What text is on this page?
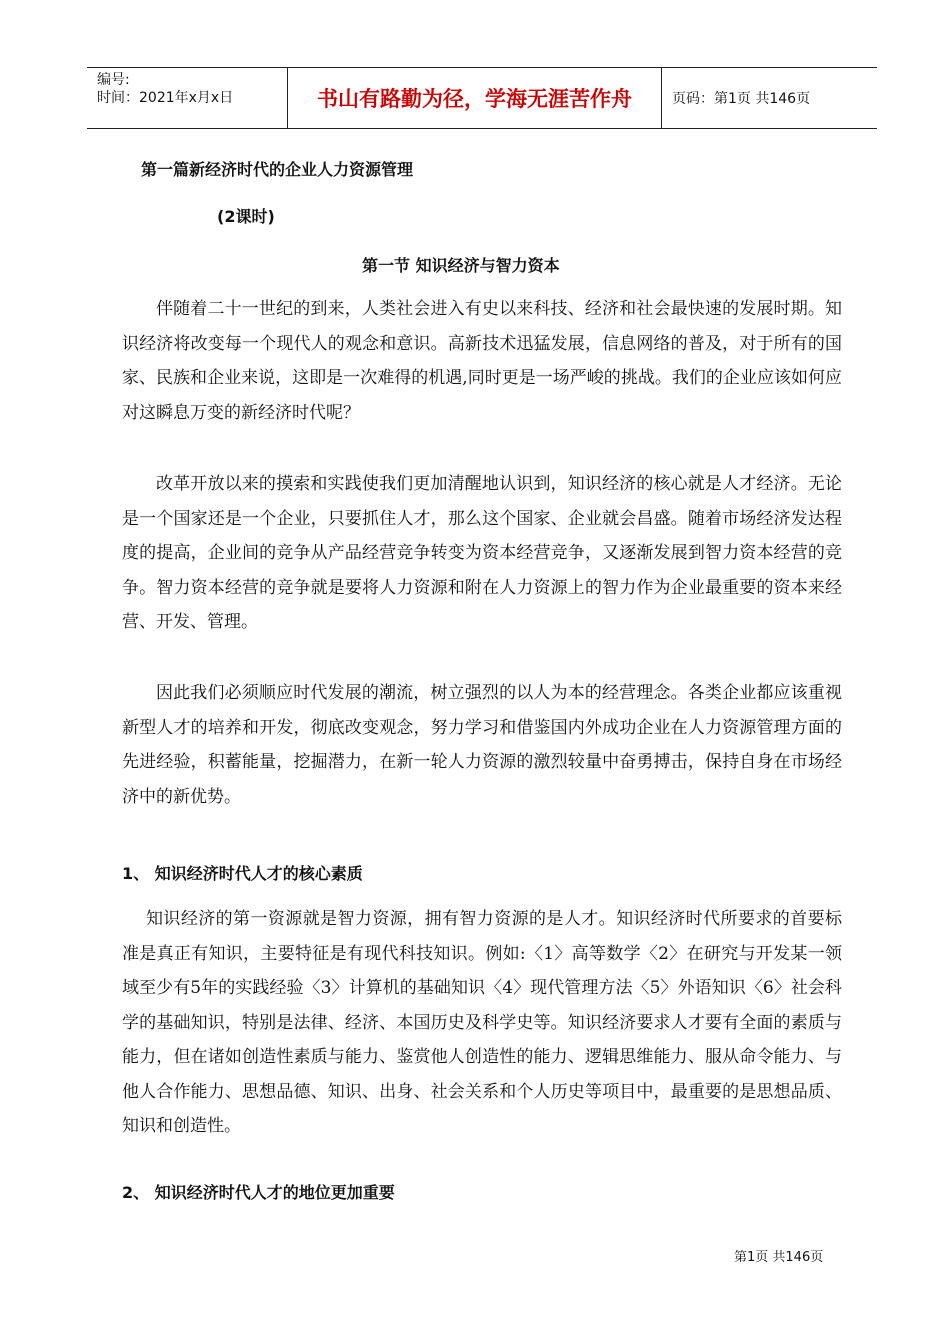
编号:
时间：2021年x月x日	书山有路勤为径，学海无涯苦作舟	页码：第1页 共146页
第一篇新经济时代的企业人力资源管理
(2课时)
第一节 知识经济与智力资本

伴随着二十一世纪的到来，人类社会进入有史以来科技、经济和社会最快速的发展时期。知识经济将改变每一个现代人的观念和意识。高新技术迅猛发展，信息网络的普及，对于所有的国家、民族和企业来说，这即是一次难得的机遇,同时更是一场严峻的挑战。我们的企业应该如何应对这瞬息万变的新经济时代呢？

改革开放以来的摸索和实践使我们更加清醒地认识到，知识经济的核心就是人才经济。无论是一个国家还是一个企业，只要抓住人才，那么这个国家、企业就会昌盛。随着市场经济发达程度的提高，企业间的竞争从产品经营竞争转变为资本经营竞争，又逐渐发展到智力资本经营的竞争。智力资本经营的竞争就是要将人力资源和附在人力资源上的智力作为企业最重要的资本来经营、开发、管理。

因此我们必须顺应时代发展的潮流，树立强烈的以人为本的经营理念。各类企业都应该重视新型人才的培养和开发，彻底改变观念，努力学习和借鉴国内外成功企业在人力资源管理方面的先进经验，积蓄能量，挖掘潜力，在新一轮人力资源的激烈较量中奋勇搏击，保持自身在市场经济中的新优势。

1、 知识经济时代人才的核心素质

知识经济的第一资源就是智力资源，拥有智力资源的是人才。知识经济时代所要求的首要标准是真正有知识，主要特征是有现代科技知识。例如:〈1〉高等数学〈2〉在研究与开发某一领域至少有5年的实践经验〈3〉计算机的基础知识〈4〉现代管理方法〈5〉外语知识〈6〉社会科学的基础知识，特别是法律、经济、本国历史及科学史等。知识经济要求人才要有全面的素质与能力，但在诸如创造性素质与能力、鉴赏他人创造性的能力、逻辑思维能力、服从命令能力、与他人合作能力、思想品德、知识、出身、社会关系和个人历史等项目中，最重要的是思想品质、知识和创造性。

2、 知识经济时代人才的地位更加重要
第1页 共146页
